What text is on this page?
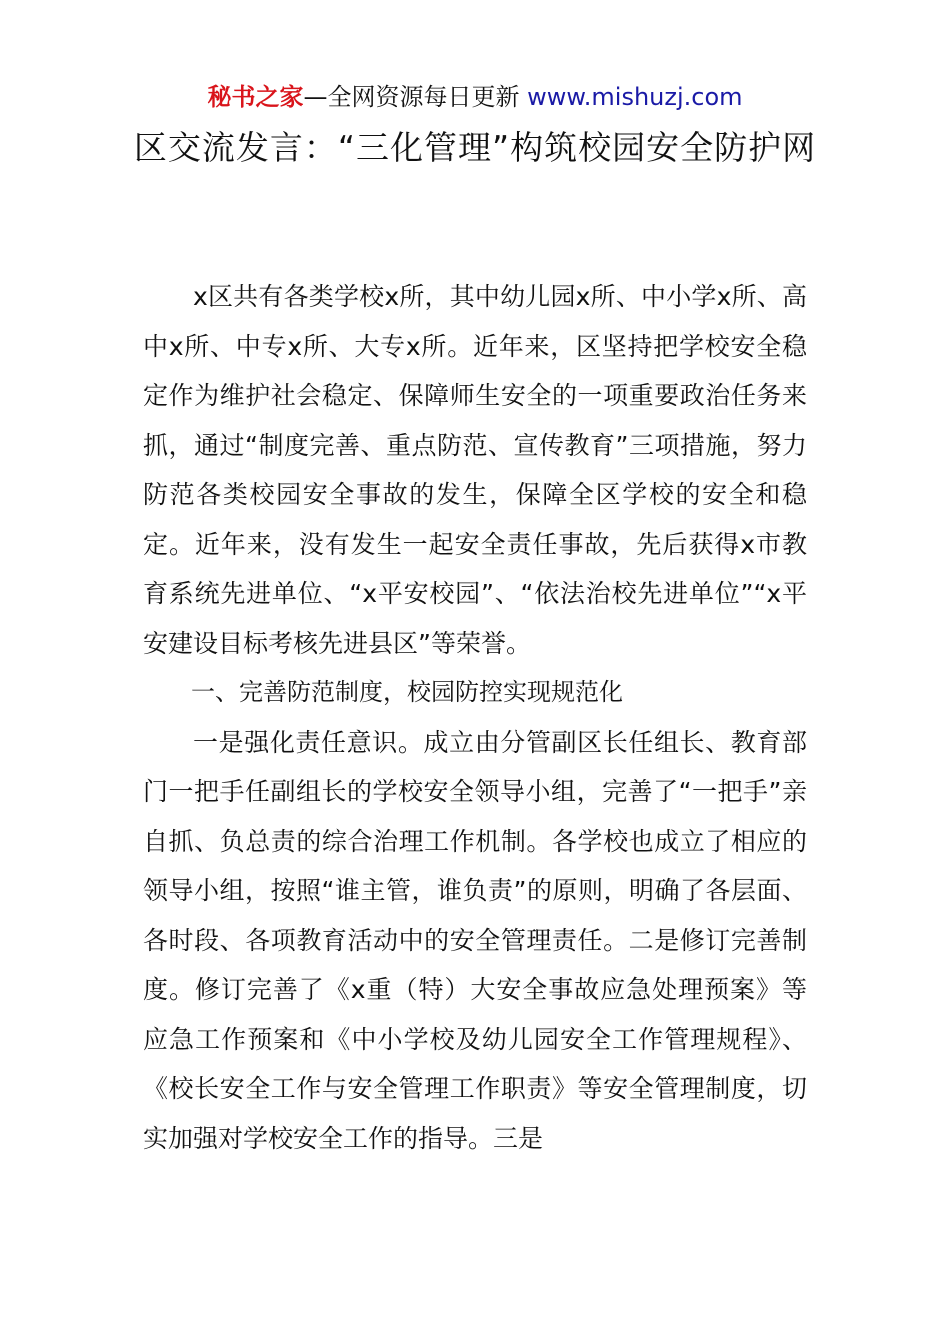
秘书之家—全网资源每日更新 www.mishuzj.com
区交流发言：“三化管理”构筑校园安全防护网

x区共有各类学校x所，其中幼儿园x所、中小学x所、高中x所、中专x所、大专x所。近年来，区坚持把学校安全稳定作为维护社会稳定、保障师生安全的一项重要政治任务来抓，通过“制度完善、重点防范、宣传教育”三项措施，努力防范各类校园安全事故的发生，保障全区学校的安全和稳定。近年来，没有发生一起安全责任事故，先后获得x市教育系统先进单位、“x平安校园”、“依法治校先进单位”“x平安建设目标考核先进县区”等荣誉。

一、完善防范制度，校园防控实现规范化

一是强化责任意识。成立由分管副区长任组长、教育部门一把手任副组长的学校安全领导小组，完善了“一把手”亲自抓、负总责的综合治理工作机制。各学校也成立了相应的领导小组，按照“谁主管，谁负责”的原则，明确了各层面、各时段、各项教育活动中的安全管理责任。二是修订完善制度。修订完善了《x重（特）大安全事故应急处理预案》等应急工作预案和《中小学校及幼儿园安全工作管理规程》、《校长安全工作与安全管理工作职责》等安全管理制度，切实加强对学校安全工作的指导。三是
